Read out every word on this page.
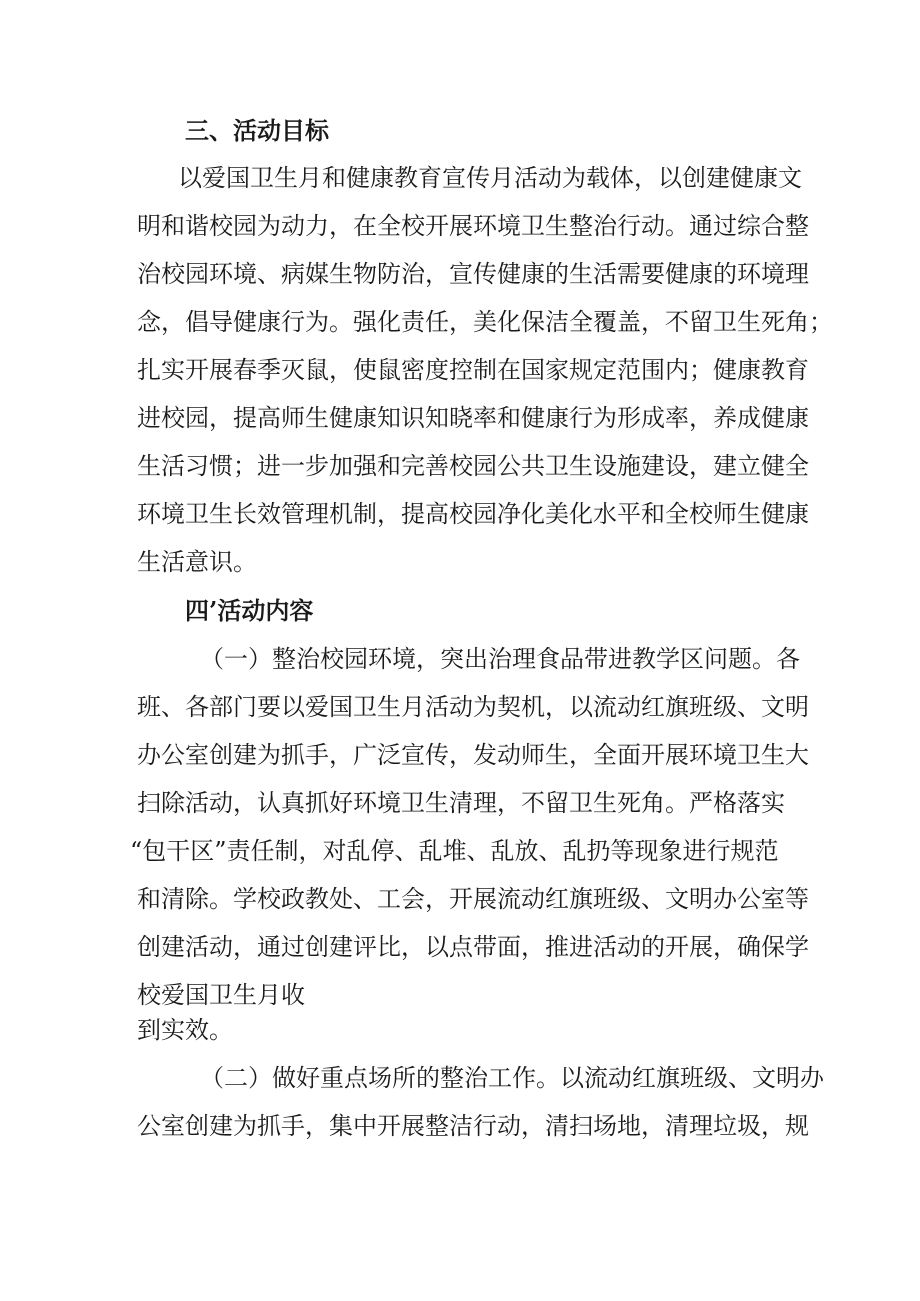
三、活动目标
以爱国卫生月和健康教育宣传月活动为载体，以创建健康文
明和谐校园为动力，在全校开展环境卫生整治行动。通过综合整
治校园环境、病媒生物防治，宣传健康的生活需要健康的环境理
念，倡导健康行为。强化责任，美化保洁全覆盖，不留卫生死角；
扎实开展春季灭鼠，使鼠密度控制在国家规定范围内；健康教育
进校园，提高师生健康知识知晓率和健康行为形成率，养成健康
生活习惯；进一步加强和完善校园公共卫生设施建设，建立健全
环境卫生长效管理机制，提高校园净化美化水平和全校师生健康
生活意识。
四’活动内容
（一）整治校园环境，突出治理食品带进教学区问题。各
班、各部门要以爱国卫生月活动为契机，以流动红旗班级、文明
办公室创建为抓手，广泛宣传，发动师生，全面开展环境卫生大
扫除活动，认真抓好环境卫生清理，不留卫生死角。严格落实
“包干区”责任制，对乱停、乱堆、乱放、乱扔等现象进行规范
和清除。学校政教处、工会，开展流动红旗班级、文明办公室等
创建活动，通过创建评比，以点带面，推进活动的开展，确保学
校爱国卫生月收
到实效。
（二）做好重点场所的整治工作。以流动红旗班级、文明办
公室创建为抓手，集中开展整洁行动，清扫场地，清理垃圾，规
